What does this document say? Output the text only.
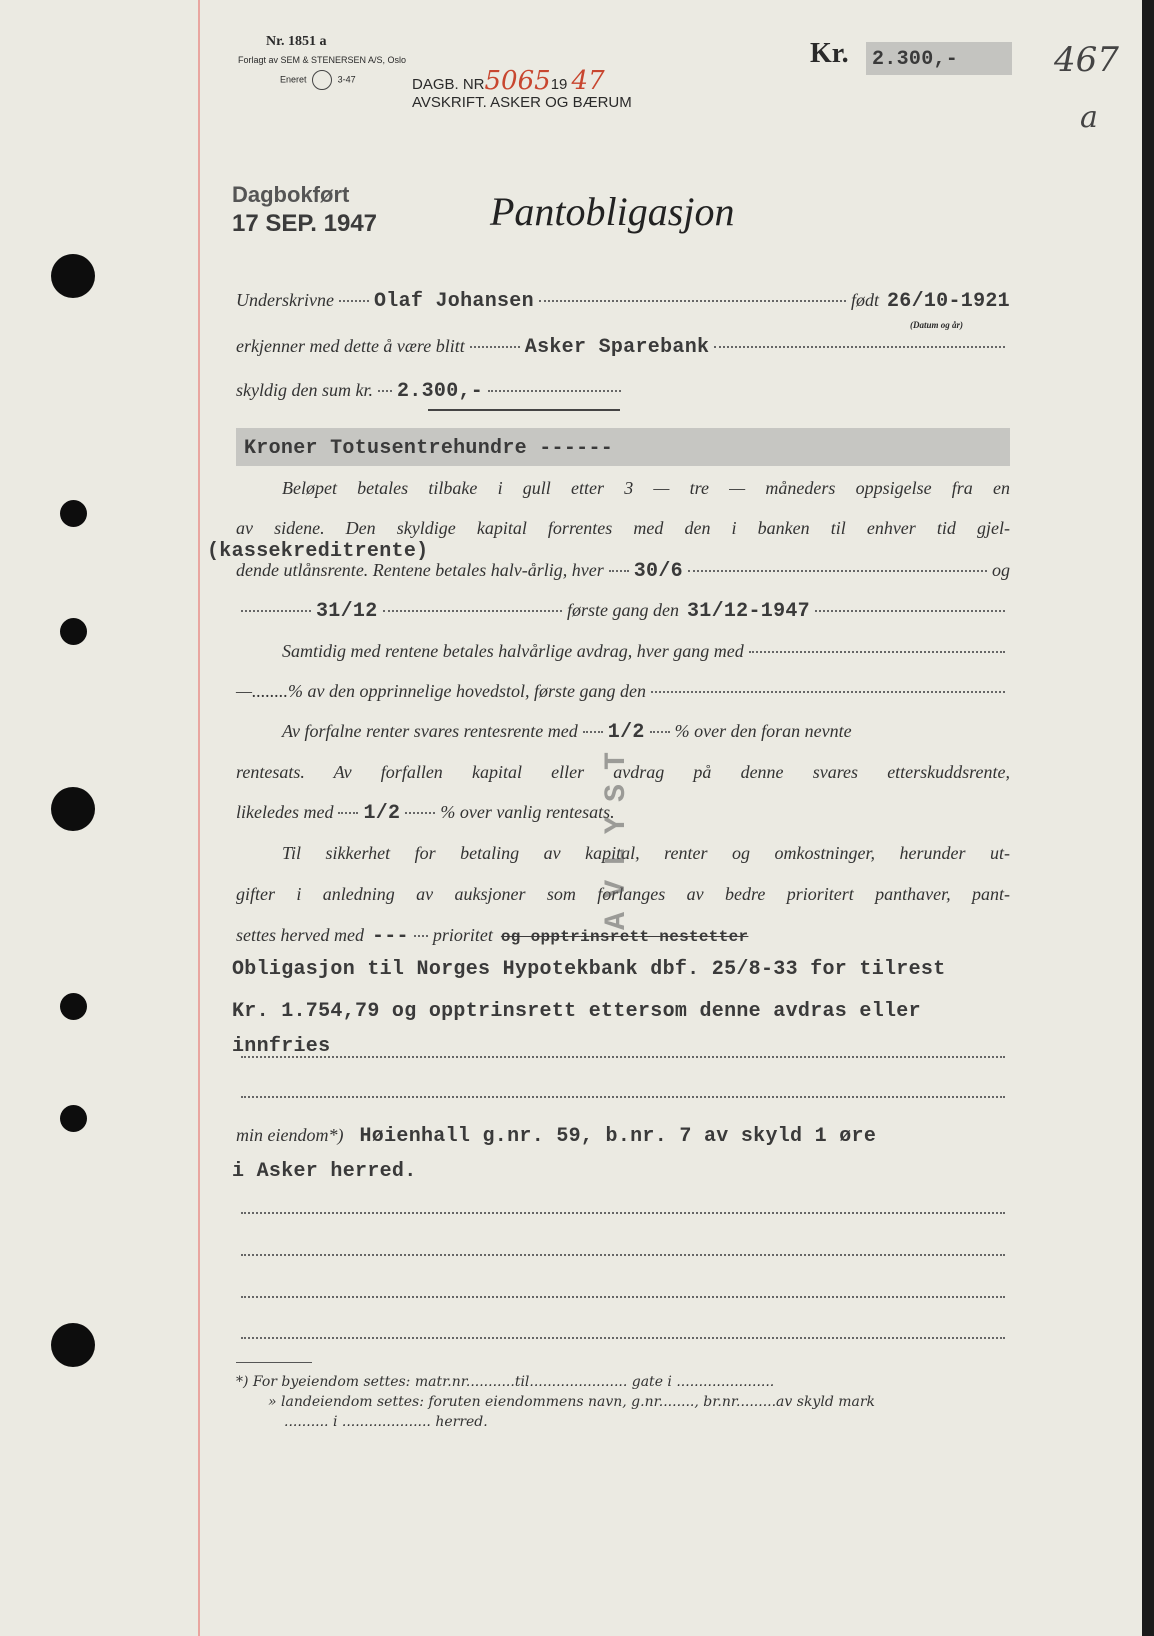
Nr. 1851 a
Forlagt av SEM & STENERSEN A/S, Oslo
Eneret	3-47	DAGB. NR506519 47
AVSKRIFT. ASKER OG BÆRUM
Kr. 2.300,-	467
a
Dagbokført
17 SEP. 1947	Pantobligasjon
Underskrivne Olaf Johansen	født 26/10-1921
(Datum og år)
erkjenner med dette å være blitt	Asker Sparebank
skyldig den sum kr. 2.300,-
Kroner Totusentrehundre ------
Beløpet betales tilbake i gull etter 3 — tre — måneders oppsigelse fra en
av sidene. Den skyldige kapital forrentes med den i banken til enhver tid gjel-
(kassekreditrente)
dende utlånsrente. Rentene betales halv-årlig, hver 30/6	og
31/12	første gang den 31/12-1947
Samtidig med rentene betales halvårlige avdrag, hver gang med
—........% av den opprinnelige hovedstol, første gang den
Av forfalne renter svares rentesrente med 1/2 % over den foran nevnte
rentesats. Av forfallen kapital eller avdrag på denne svares etterskuddsrente,
likeledes med 1/2 % over vanlig rentesats.
Til sikkerhet for betaling av kapital, renter og omkostninger, herunder ut-
gifter i anledning av auksjoner som forlanges av bedre prioritert panthaver, pant-
settes herved med --- prioritet og opptrinsrett nestetter
Obligasjon til Norges Hypotekbank dbf. 25/8-33 for tilrest
Kr. 1.754,79 og opptrinsrett ettersom denne avdras eller
innfries
min eiendom*) Høienhall g.nr. 59, b.nr. 7 av skyld 1 øre
i Asker herred.
AVLYST
*) For byeiendom settes: matr.nr...........til...................... gate i ......................
» landeiendom settes: foruten eiendommens navn, g.nr........, br.nr.........av skyld mark
.......... i .................... herred.
